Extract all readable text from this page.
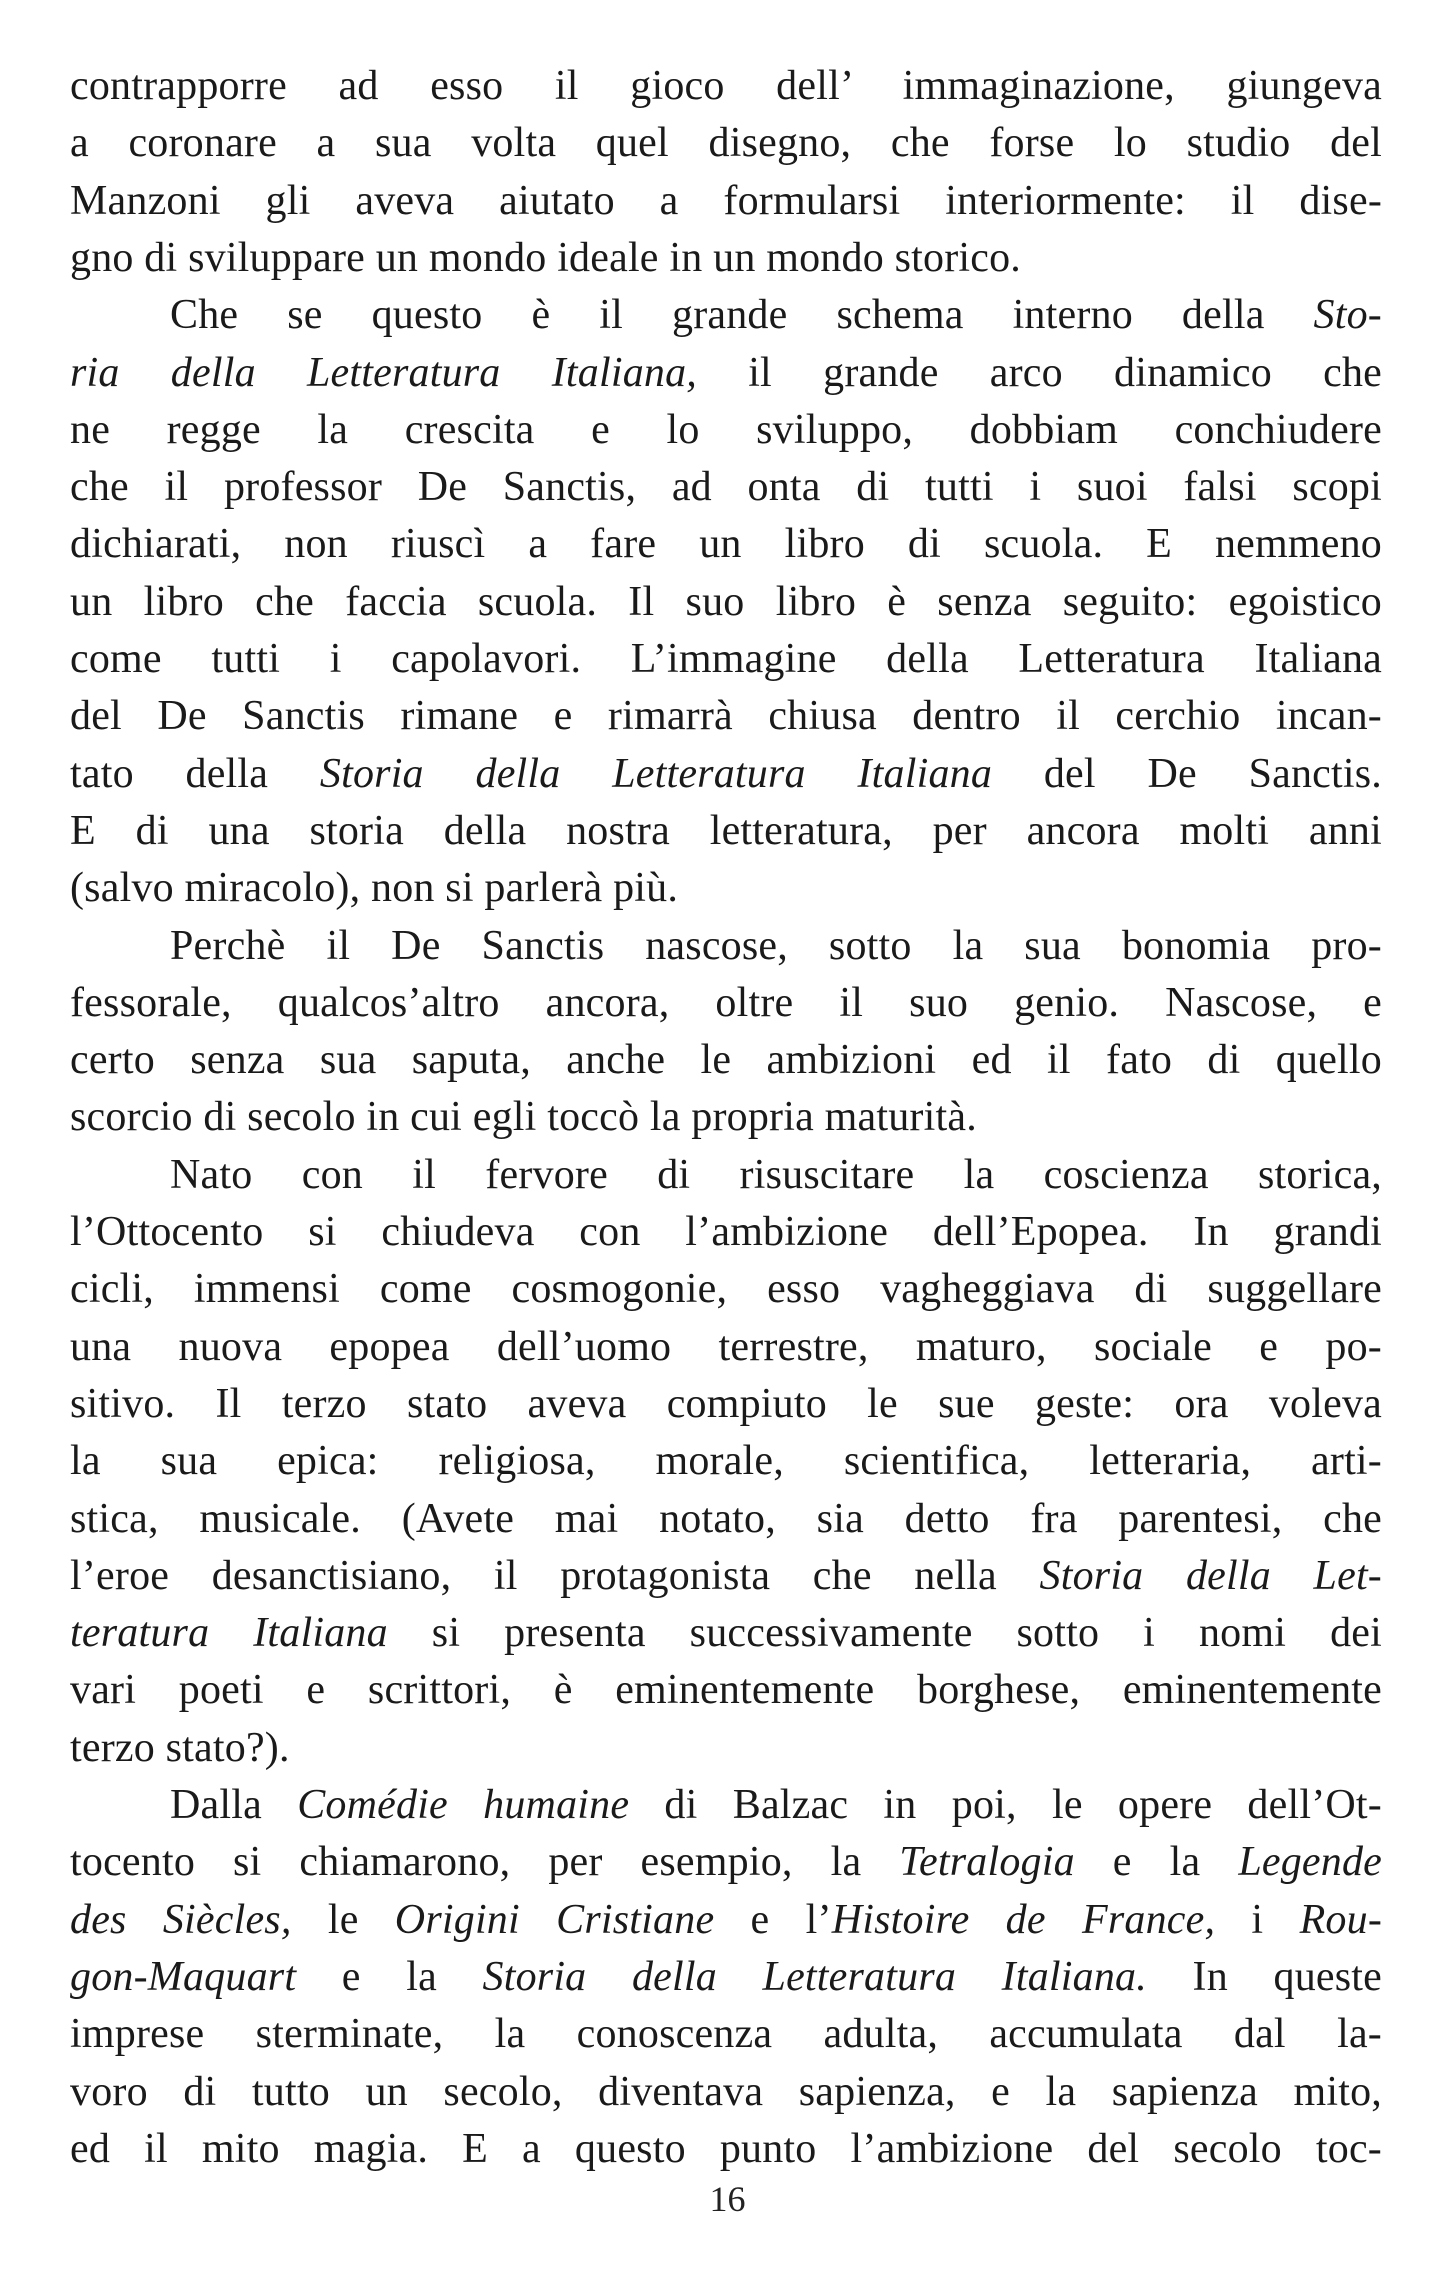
contrapporre ad esso il gioco dell’ immaginazione, giungeva
a coronare a sua volta quel disegno, che forse lo studio del
Manzoni gli aveva aiutato a formularsi interiormente: il dise-
gno di sviluppare un mondo ideale in un mondo storico.
Che se questo è il grande schema interno della Sto-
ria della Letteratura Italiana, il grande arco dinamico che
ne regge la crescita e lo sviluppo, dobbiam conchiudere
che il professor De Sanctis, ad onta di tutti i suoi falsi scopi
dichiarati, non riuscì a fare un libro di scuola. E nemmeno
un libro che faccia scuola. Il suo libro è senza seguito: egoistico
come tutti i capolavori. L’immagine della Letteratura Italiana
del De Sanctis rimane e rimarrà chiusa dentro il cerchio incan-
tato della Storia della Letteratura Italiana del De Sanctis.
E di una storia della nostra letteratura, per ancora molti anni
(salvo miracolo), non si parlerà più.
Perchè il De Sanctis nascose, sotto la sua bonomia pro-
fessorale, qualcos’altro ancora, oltre il suo genio. Nascose, e
certo senza sua saputa, anche le ambizioni ed il fato di quello
scorcio di secolo in cui egli toccò la propria maturità.
Nato con il fervore di risuscitare la coscienza storica,
l’Ottocento si chiudeva con l’ambizione dell’Epopea. In grandi
cicli, immensi come cosmogonie, esso vagheggiava di suggellare
una nuova epopea dell’uomo terrestre, maturo, sociale e po-
sitivo. Il terzo stato aveva compiuto le sue geste: ora voleva
la sua epica: religiosa, morale, scientifica, letteraria, arti-
stica, musicale. (Avete mai notato, sia detto fra parentesi, che
l’eroe desanctisiano, il protagonista che nella Storia della Let-
teratura Italiana si presenta successivamente sotto i nomi dei
vari poeti e scrittori, è eminentemente borghese, eminentemente
terzo stato?).
Dalla Comédie humaine di Balzac in poi, le opere dell’Ot-
tocento si chiamarono, per esempio, la Tetralogia e la Legende
des Siècles, le Origini Cristiane e l’Histoire de France, i Rou-
gon-Maquart e la Storia della Letteratura Italiana. In queste
imprese sterminate, la conoscenza adulta, accumulata dal la-
voro di tutto un secolo, diventava sapienza, e la sapienza mito,
ed il mito magia. E a questo punto l’ambizione del secolo toc-
16
